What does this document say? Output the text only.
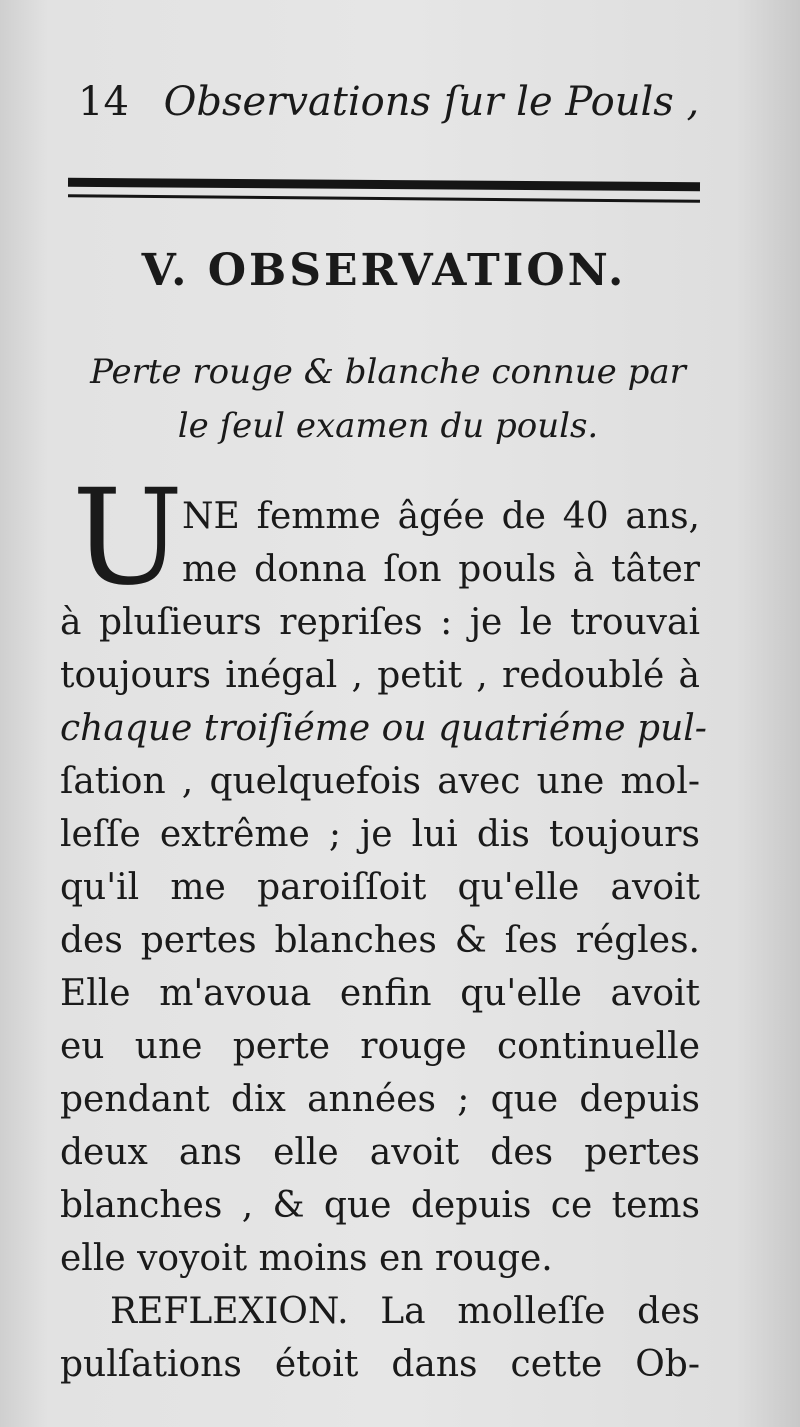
14 Observations ſur le Pouls ,
V. OBSERVATION.
Perte rouge & blanche connue par
le ſeul examen du pouls.
U
NE femme âgée de 40 ans,
me donna ſon pouls à tâter
à pluſieurs repriſes : je le trouvai
toujours inégal , petit , redoublé à
chaque troiſiéme ou quatriéme pul-
ſation , quelquefois avec une mol-
leſſe extrême ; je lui dis toujours
qu'il me paroiſſoit qu'elle avoit
des pertes blanches & ſes régles.
Elle m'avoua enfin qu'elle avoit
eu une perte rouge continuelle
pendant dix années ; que depuis
deux ans elle avoit des pertes
blanches , & que depuis ce tems
elle voyoit moins en rouge.
REFLEXION. La molleſſe des
pulſations étoit dans cette Ob-
